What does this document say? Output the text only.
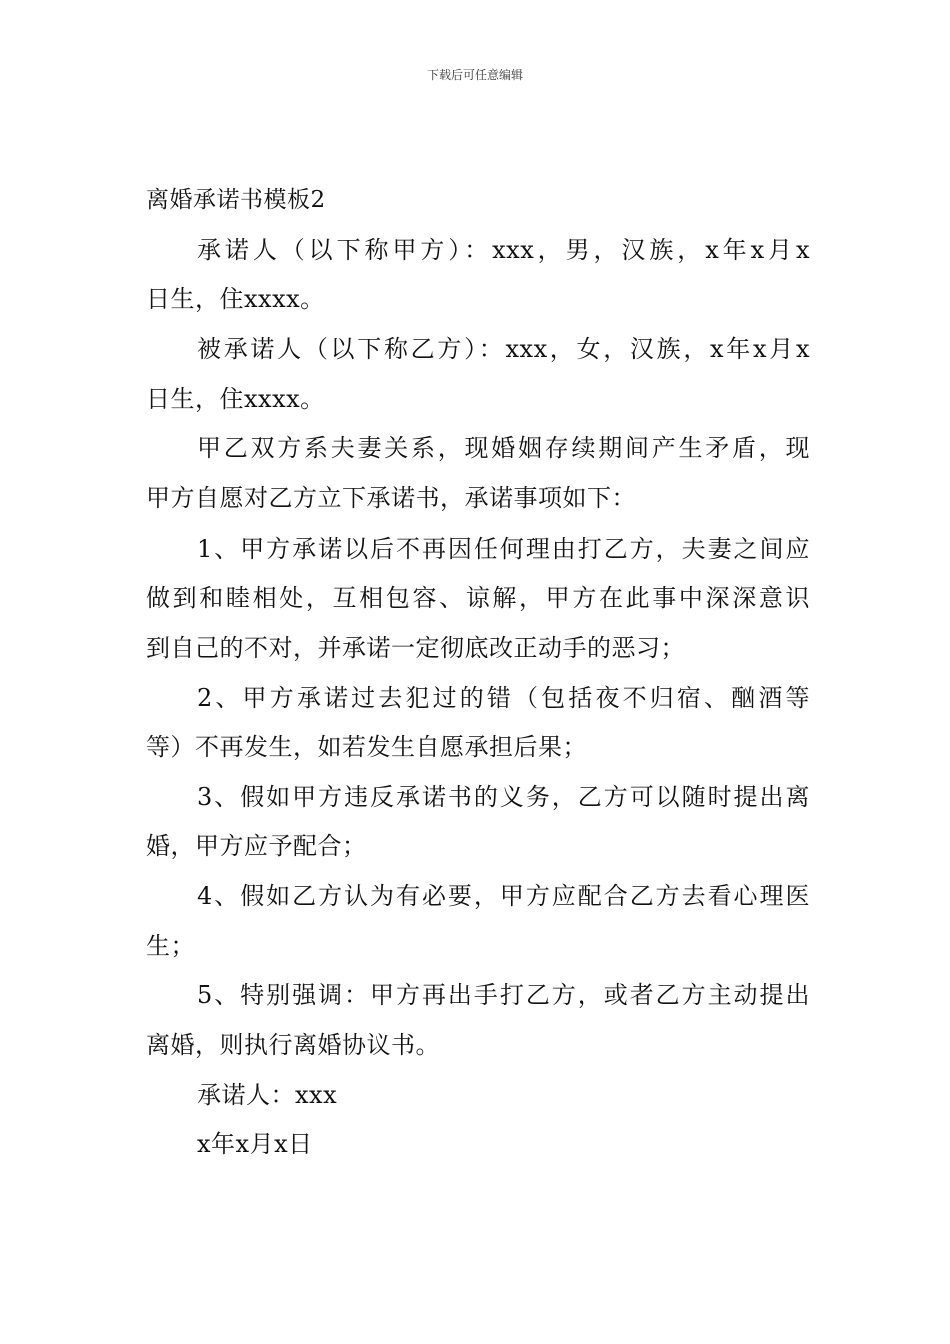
下载后可任意编辑
离婚承诺书模板2
承诺人（以下称甲方）：xxx，男，汉族，x年x月x
日生，住xxxx。
被承诺人（以下称乙方）：xxx，女，汉族，x年x月x
日生，住xxxx。
甲乙双方系夫妻关系，现婚姻存续期间产生矛盾，现
甲方自愿对乙方立下承诺书，承诺事项如下：
1、甲方承诺以后不再因任何理由打乙方，夫妻之间应
做到和睦相处，互相包容、谅解，甲方在此事中深深意识
到自己的不对，并承诺一定彻底改正动手的恶习；
2、甲方承诺过去犯过的错（包括夜不归宿、酗酒等
等）不再发生，如若发生自愿承担后果；
3、假如甲方违反承诺书的义务，乙方可以随时提出离
婚，甲方应予配合；
4、假如乙方认为有必要，甲方应配合乙方去看心理医
生；
5、特别强调：甲方再出手打乙方，或者乙方主动提出
离婚，则执行离婚协议书。
承诺人：xxx
x年x月x日
